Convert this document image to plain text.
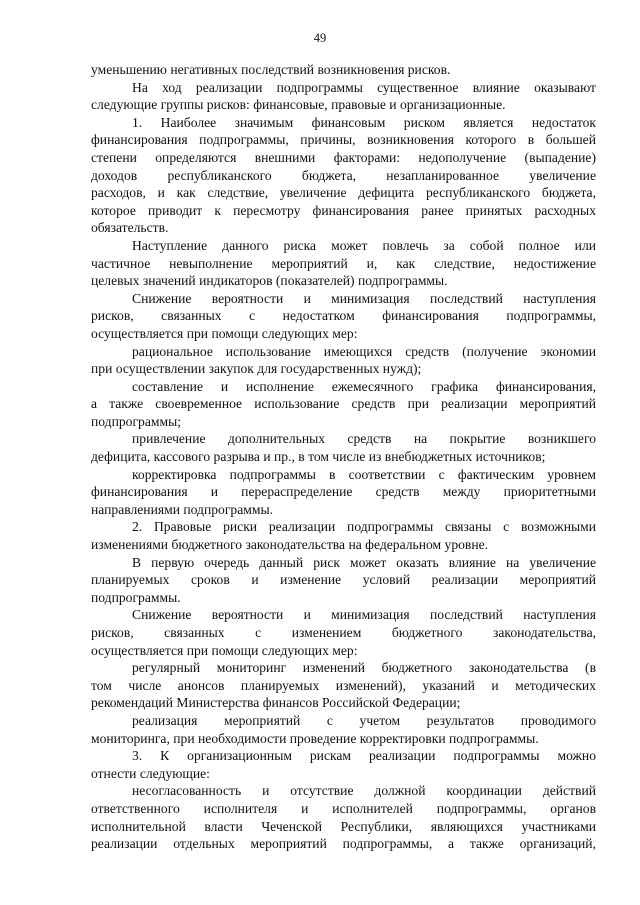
49
уменьшению негативных последствий возникновения рисков.
На ход реализации подпрограммы существенное влияние оказывают
следующие группы рисков: финансовые, правовые и организационные.
1. Наиболее значимым финансовым риском является недостаток
финансирования подпрограммы, причины, возникновения которого в большей
степени определяются внешними факторами: недополучение (выпадение)
доходов республиканского бюджета, незапланированное увеличение
расходов, и как следствие, увеличение дефицита республиканского бюджета,
которое приводит к пересмотру финансирования ранее принятых расходных
обязательств.
Наступление данного риска может повлечь за собой полное или
частичное невыполнение мероприятий и, как следствие, недостижение
целевых значений индикаторов (показателей) подпрограммы.
Снижение вероятности и минимизация последствий наступления
рисков, связанных с недостатком финансирования подпрограммы,
осуществляется при помощи следующих мер:
рациональное использование имеющихся средств (получение экономии
при осуществлении закупок для государственных нужд);
составление и исполнение ежемесячного графика финансирования,
а также своевременное использование средств при реализации мероприятий
подпрограммы;
привлечение дополнительных средств на покрытие возникшего
дефицита, кассового разрыва и пр., в том числе из внебюджетных источников;
корректировка подпрограммы в соответствии с фактическим уровнем
финансирования и перераспределение средств между приоритетными
направлениями подпрограммы.
2. Правовые риски реализации подпрограммы связаны с возможными
изменениями бюджетного законодательства на федеральном уровне.
В первую очередь данный риск может оказать влияние на увеличение
планируемых сроков и изменение условий реализации мероприятий
подпрограммы.
Снижение вероятности и минимизация последствий наступления
рисков, связанных с изменением бюджетного законодательства,
осуществляется при помощи следующих мер:
регулярный мониторинг изменений бюджетного законодательства (в
том числе анонсов планируемых изменений), указаний и методических
рекомендаций Министерства финансов Российской Федерации;
реализация мероприятий с учетом результатов проводимого
мониторинга, при необходимости проведение корректировки подпрограммы.
3. К организационным рискам реализации подпрограммы можно
отнести следующие:
несогласованность и отсутствие должной координации действий
ответственного исполнителя и исполнителей подпрограммы, органов
исполнительной власти Чеченской Республики, являющихся участниками
реализации отдельных мероприятий подпрограммы, а также организаций,
